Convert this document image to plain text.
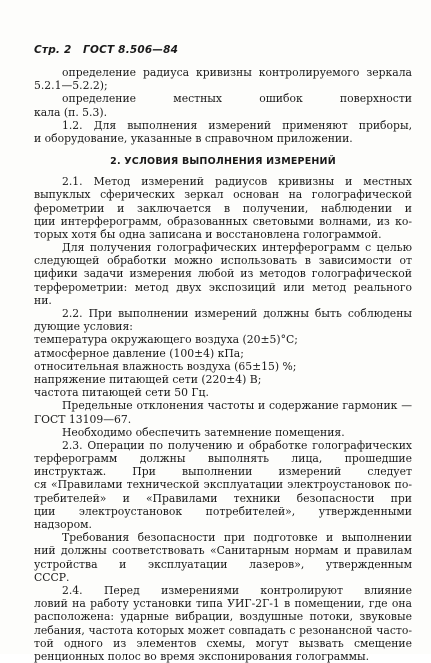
Стр. 2 ГОСТ 8.506—84
определение радиуса кривизны контролируемого зеркала
5.2.1—5.2.2);
определение местных ошибок поверхности
кала (п. 5.3).
1.2. Для выполнения измерений применяют приборы,
и оборудование, указанные в справочном приложении.
2. УСЛОВИЯ ВЫПОЛНЕНИЯ ИЗМЕРЕНИЙ
2.1. Метод измерений радиусов кривизны и местных
выпуклых сферических зеркал основан на голографической
ферометрии и заключается в получении, наблюдении и
ции интерферограмм, образованных световыми волнами, из ко-
торых хотя бы одна записана и восстановлена голограммой.
Для получения голографических интерферограмм с целью
следующей обработки можно использовать в зависимости от
цифики задачи измерения любой из методов голографической
терферометрии: метод двух экспозиций или метод реального
ни.
2.2. При выполнении измерений должны быть соблюдены
дующие условия:
температура окружающего воздуха (20±5)°С;
атмосферное давление (100±4) кПа;
относительная влажность воздуха (65±15) %;
напряжение питающей сети (220±4) В;
частота питающей сети 50 Гц.
Предельные отклонения частоты и содержание гармоник —
ГОСТ 13109—67.
Необходимо обеспечить затемнение помещения.
2.3. Операции по получению и обработке голографических
терферограмм должны выполнять лица, прошедшие
инструктаж. При выполнении измерений следует
ся «Правилами технической эксплуатации электроустановок по-
требителей» и «Правилами техники безопасности при
ции электроустановок потребителей», утвержденными
надзором.
Требования безопасности при подготовке и выполнении
ний должны соответствовать «Санитарным нормам и правилам
устройства и эксплуатации лазеров», утвержденным
СССР.
2.4. Перед измерениями контролируют влияние
ловий на работу установки типа УИГ-2Г-1 в помещении, где она
расположена: ударные вибрации, воздушные потоки, звуковые
лебания, частота которых может совпадать с резонансной часто-
той одного из элементов схемы, могут вызвать смещение
ренционных полос во время экспонирования голограммы.
